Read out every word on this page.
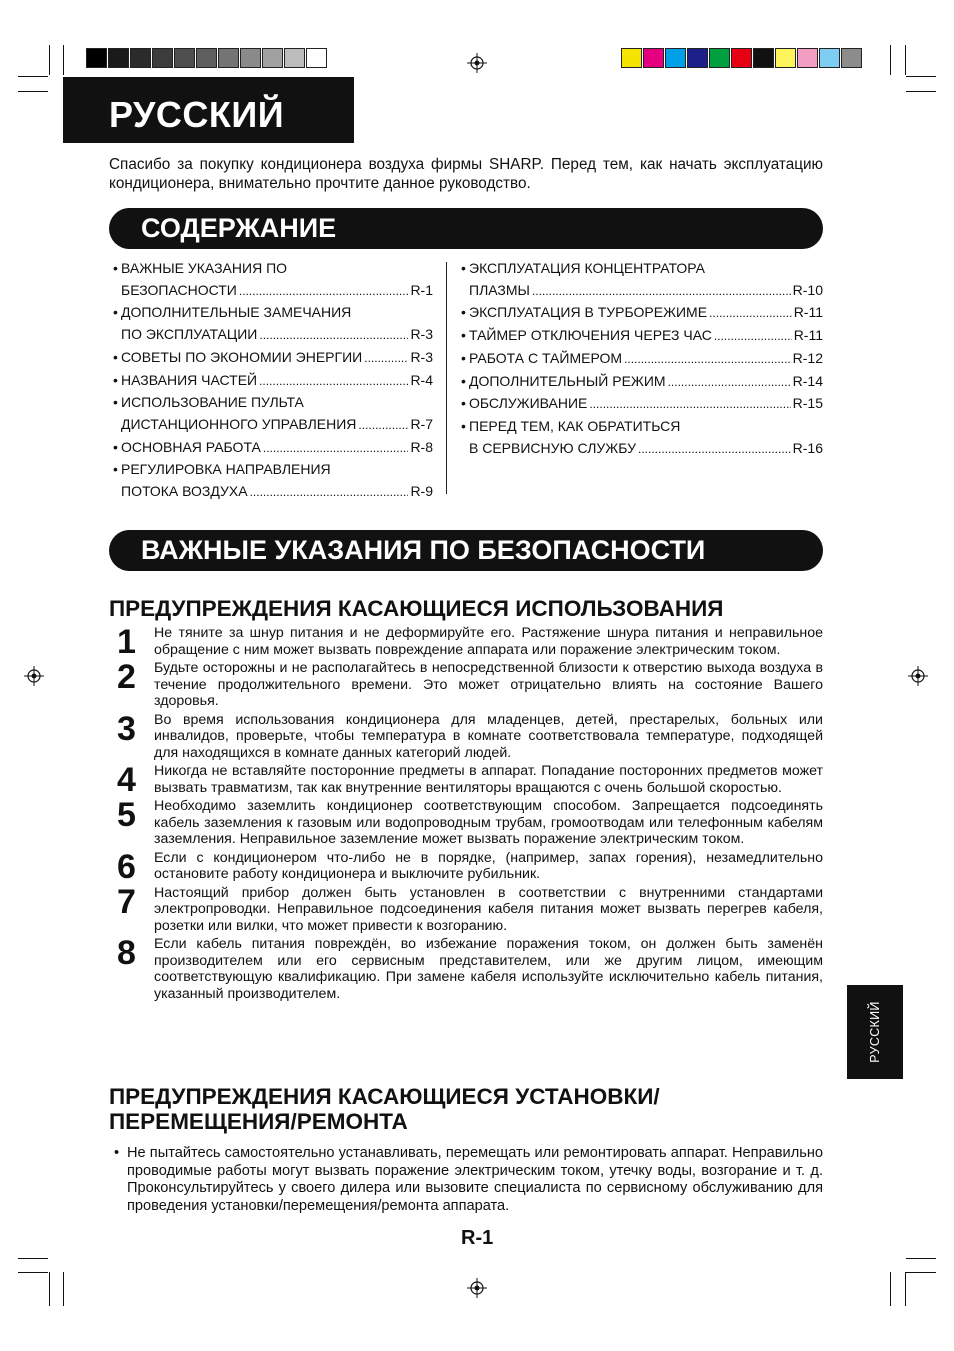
РУССКИЙ
Спасибо за покупку кондиционера воздуха фирмы SHARP. Перед тем, как начать эксплуатацию кондиционера, внимательно прочтите данное руководство.
СОДЕРЖАНИЕ
• ВАЖНЫЕ УКАЗАНИЯ ПО
БЕЗОПАСНОСТИ .....	R-1
• ДОПОЛНИТЕЛЬНЫЕ ЗАМЕЧАНИЯ
ПО ЭКСПЛУАТАЦИИ .....	R-3
• СОВЕТЫ ПО ЭКОНОМИИ ЭНЕРГИИ .....	R-3
• НАЗВАНИЯ ЧАСТЕЙ .....	R-4
• ИСПОЛЬЗОВАНИЕ ПУЛЬТА
ДИСТАНЦИОННОГО УПРАВЛЕНИЯ .....	R-7
• ОСНОВНАЯ РАБОТА .....	R-8
• РЕГУЛИРОВКА НАПРАВЛЕНИЯ
ПОТОКА ВОЗДУХА .....	R-9
• ЭКСПЛУАТАЦИЯ КОНЦЕНТРАТОРА
ПЛАЗМЫ .....	R-10
• ЭКСПЛУАТАЦИЯ В ТУРБОРЕЖИМЕ .....	R-11
• ТАЙМЕР ОТКЛЮЧЕНИЯ ЧЕРЕЗ ЧАС .....	R-11
• РАБОТА С ТАЙМЕРОМ .....	R-12
• ДОПОЛНИТЕЛЬНЫЙ РЕЖИМ .....	R-14
• ОБСЛУЖИВАНИЕ .....	R-15
• ПЕРЕД ТЕМ, КАК ОБРАТИТЬСЯ
В СЕРВИСНУЮ СЛУЖБУ .....	R-16
ВАЖНЫЕ УКАЗАНИЯ ПО БЕЗОПАСНОСТИ
ПРЕДУПРЕЖДЕНИЯ КАСАЮЩИЕСЯ ИСПОЛЬЗОВАНИЯ
1 Не тяните за шнур питания и не деформируйте его. Растяжение шнура питания и неправильное обращение с ним может вызвать повреждение аппарата или поражение электрическим током.
2 Будьте осторожны и не располагайтесь в непосредственной близости к отверстию выхода воздуха в течение продолжительного времени. Это может отрицательно влиять на состояние Вашего здоровья.
3 Во время использования кондиционера для младенцев, детей, престарелых, больных или инвалидов, проверьте, чтобы температура в комнате соответствовала температуре, подходящей для находящихся в комнате данных категорий людей.
4 Никогда не вставляйте посторонние предметы в аппарат. Попадание посторонних предметов может вызвать травматизм, так как внутренние вентиляторы вращаются с очень большой скоростью.
5 Необходимо заземлить кондиционер соответствующим способом. Запрещается подсоединять кабель заземления к газовым или водопроводным трубам, громоотводам или телефонным кабелям заземления. Неправильное заземление может вызвать поражение электрическим током.
6 Если с кондиционером что-либо не в порядке, (например, запах горения), незамедлительно остановите работу кондиционера и выключите рубильник.
7 Настоящий прибор должен быть установлен в соответствии с внутренними стандартами электропроводки. Неправильное подсоединения кабеля питания может вызвать перегрев кабеля, розетки или вилки, что может привести к возгоранию.
8 Если кабель питания повреждён, во избежание поражения током, он должен быть заменён производителем или его сервисным представителем, или же другим лицом, имеющим соответствующую квалификацию. При замене кабеля используйте исключительно кабель питания, указанный производителем.
ПРЕДУПРЕЖДЕНИЯ КАСАЮЩИЕСЯ УСТАНОВКИ/
ПЕРЕМЕЩЕНИЯ/РЕМОНТА
• Не пытайтесь самостоятельно устанавливать, перемещать или ремонтировать аппарат. Неправильно проводимые работы могут вызвать поражение электрическим током, утечку воды, возгорание и т. д. Проконсультируйтесь у своего дилера или вызовите специалиста по сервисному обслуживанию для проведения установки/перемещения/ремонта аппарата.
РУССКИЙ
R-1
